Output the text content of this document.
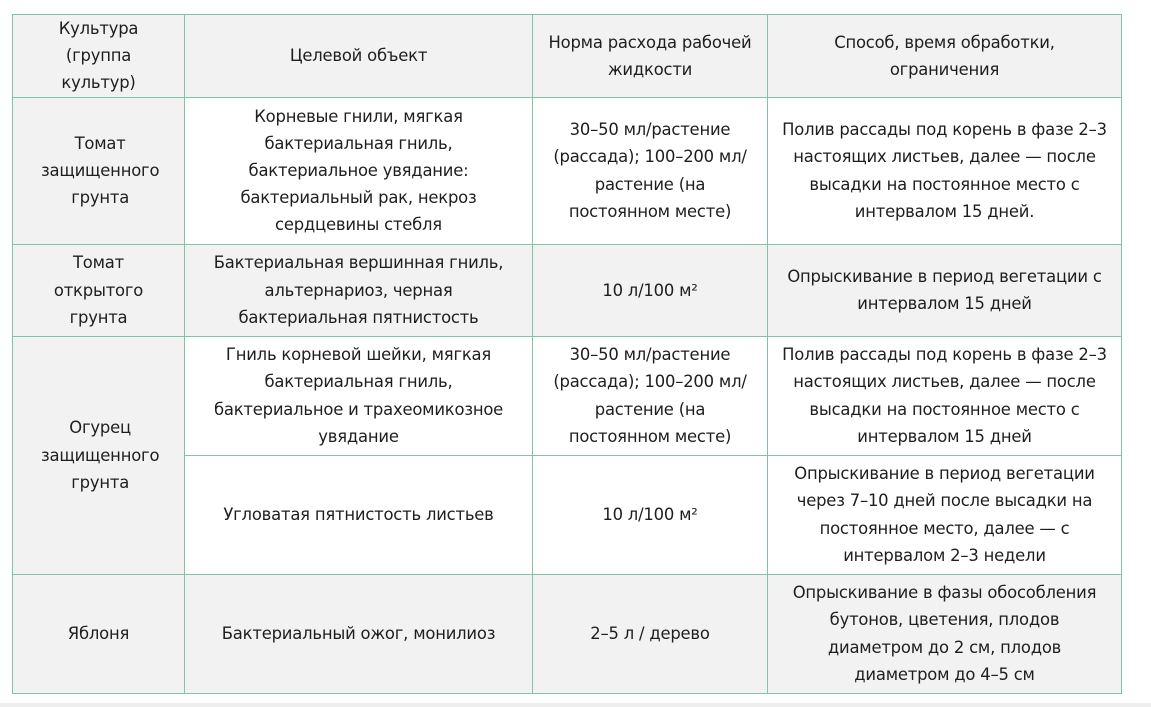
Культура (группа культур)	Целевой объект	Норма расхода рабочей жидкости	Способ, время обработки, ограничения
Томат защищенного грунта	Корневые гнили, мягкая бактериальная гниль, бактериальное увядание: бактериальный рак, некроз сердцевины стебля	30–50 мл/растение (рассада); 100–200 мл/растение (на постоянном месте)	Полив рассады под корень в фазе 2–3 настоящих листьев, далее — после высадки на постоянное место с интервалом 15 дней.
Томат открытого грунта	Бактериальная вершинная гниль, альтернариоз, черная бактериальная пятнистость	10 л/100 м²	Опрыскивание в период вегетации с интервалом 15 дней
Огурец защищенного грунта	Гниль корневой шейки, мягкая бактериальная гниль, бактериальное и трахеомикозное увядание	30–50 мл/растение (рассада); 100–200 мл/растение (на постоянном месте)	Полив рассады под корень в фазе 2–3 настоящих листьев, далее — после высадки на постоянное место с интервалом 15 дней
	Угловатая пятнистость листьев	10 л/100 м²	Опрыскивание в период вегетации через 7–10 дней после высадки на постоянное место, далее — с интервалом 2–3 недели
Яблоня	Бактериальный ожог, монилиоз	2–5 л / дерево	Опрыскивание в фазы обособления бутонов, цветения, плодов диаметром до 2 см, плодов диаметром до 4–5 см
